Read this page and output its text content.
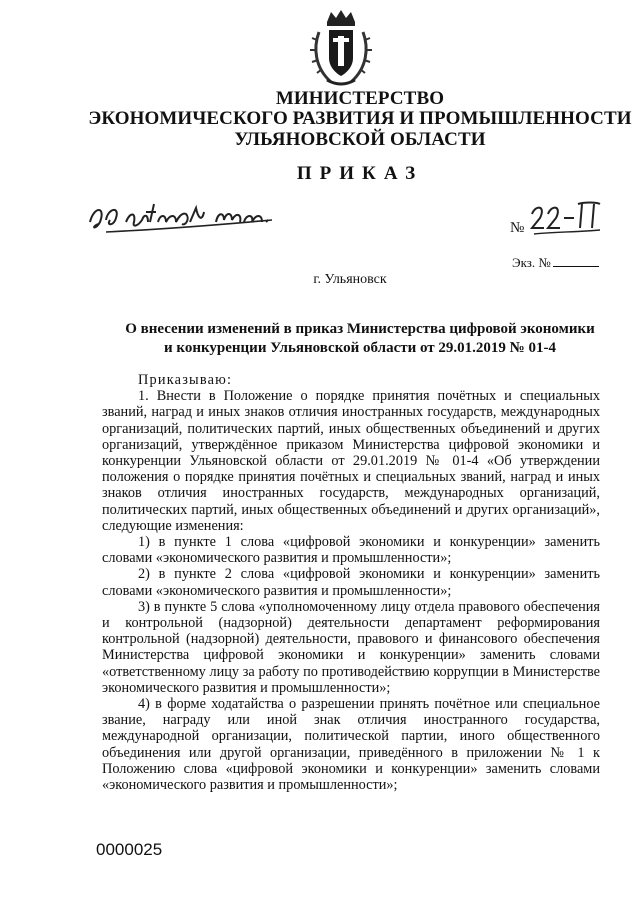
МИНИСТЕРСТВО
ЭКОНОМИЧЕСКОГО РАЗВИТИЯ И ПРОМЫШЛЕННОСТИ
УЛЬЯНОВСКОЙ ОБЛАСТИ
ПРИКАЗ
№
Экз. №
г. Ульяновск
О внесении изменений в приказ Министерства цифровой экономики
и конкуренции Ульяновской области от 29.01.2019 № 01-4

Приказываю:

1. Внести в Положение о порядке принятия почётных и специальных званий, наград и иных знаков отличия иностранных государств, международных организаций, политических партий, иных общественных объединений и других организаций, утверждённое приказом Министерства цифровой экономики и конкуренции Ульяновской области от 29.01.2019 № 01-4 «Об утверждении положения о порядке принятия почётных и специальных званий, наград и иных знаков отличия иностранных государств, международных организаций, политических партий, иных общественных объединений и других организаций», следующие изменения:

1) в пункте 1 слова «цифровой экономики и конкуренции» заменить словами «экономического развития и промышленности»;

2) в пункте 2 слова «цифровой экономики и конкуренции» заменить словами «экономического развития и промышленности»;

3) в пункте 5 слова «уполномоченному лицу отдела правового обеспечения и контрольной (надзорной) деятельности департамент реформирования контрольной (надзорной) деятельности, правового и финансового обеспечения Министерства цифровой экономики и конкуренции» заменить словами «ответственному лицу за работу по противодействию коррупции в Министерстве экономического развития и промышленности»;

4) в форме ходатайства о разрешении принять почётное или специальное звание, награду или иной знак отличия иностранного государства, международной организации, политической партии, иного общественного объединения или другой организации, приведённого в приложении № 1 к Положению слова «цифровой экономики и конкуренции» заменить словами «экономического развития и промышленности»;

0000025
